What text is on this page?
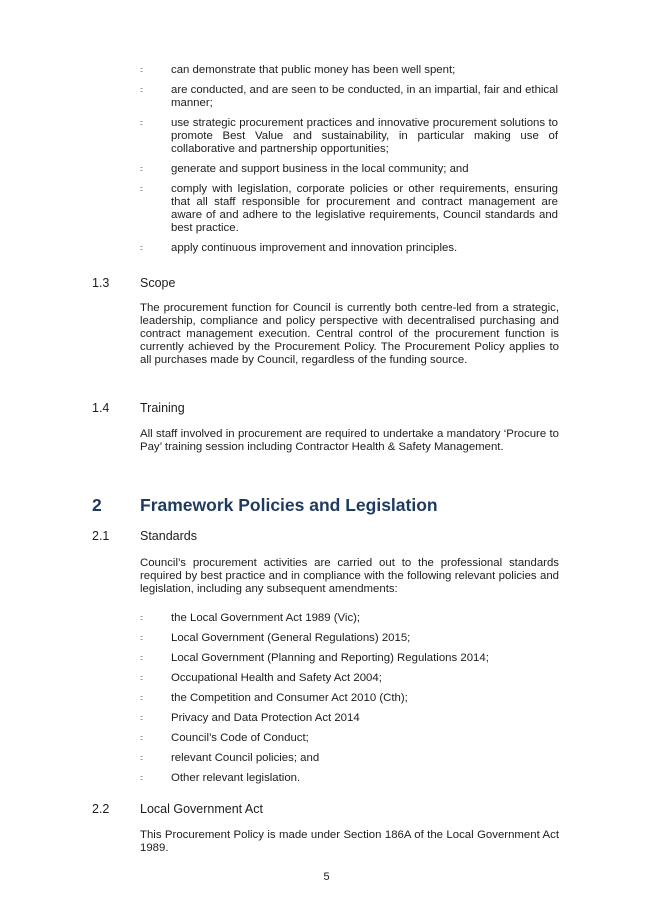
::	can demonstrate that public money has been well spent;
::	are conducted, and are seen to be conducted, in an impartial, fair and ethical manner;
::	use strategic procurement practices and innovative procurement solutions to promote Best Value and sustainability, in particular making use of collaborative and partnership opportunities;
::	generate and support business in the local community; and
::	comply with legislation, corporate policies or other requirements, ensuring that all staff responsible for procurement and contract management are aware of and adhere to the legislative requirements, Council standards and best practice.
::	apply continuous improvement and innovation principles.
1.3 Scope

The procurement function for Council is currently both centre-led from a strategic, leadership, compliance and policy perspective with decentralised purchasing and contract management execution. Central control of the procurement function is currently achieved by the Procurement Policy. The Procurement Policy applies to all purchases made by Council, regardless of the funding source.

1.4 Training

All staff involved in procurement are required to undertake a mandatory ‘Procure to Pay’ training session including Contractor Health & Safety Management.

2 Framework Policies and Legislation
2.1 Standards

Council’s procurement activities are carried out to the professional standards required by best practice and in compliance with the following relevant policies and legislation, including any subsequent amendments:

::	the Local Government Act 1989 (Vic);
::	Local Government (General Regulations) 2015;
::	Local Government (Planning and Reporting) Regulations 2014;
::	Occupational Health and Safety Act 2004;
::	the Competition and Consumer Act 2010 (Cth);
::	Privacy and Data Protection Act 2014
::	Council’s Code of Conduct;
::	relevant Council policies; and
::	Other relevant legislation.
2.2 Local Government Act

This Procurement Policy is made under Section 186A of the Local Government Act 1989.

5
